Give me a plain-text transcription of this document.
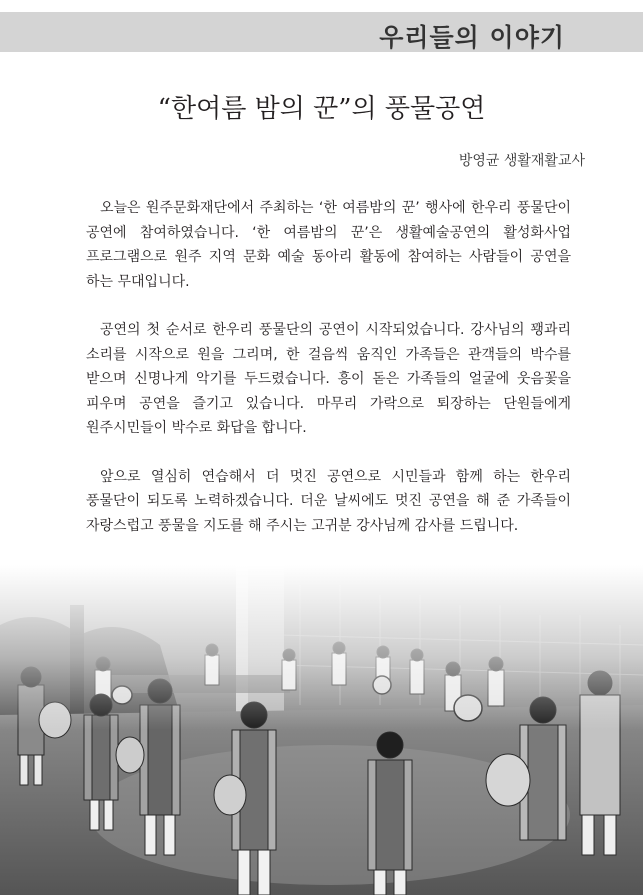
우리들의 이야기
“한여름 밤의 꾼”의 풍물공연
방영균 생활재활교사

오늘은 원주문화재단에서 주최하는 ‘한 여름밤의 꾼’ 행사에 한우리 풍물단이 공연에 참여하였습니다. ‘한 여름밤의 꾼’은 생활예술공연의 활성화사업 프로그램으로 원주 지역 문화 예술 동아리 활동에 참여하는 사람들이 공연을 하는 무대입니다.

공연의 첫 순서로 한우리 풍물단의 공연이 시작되었습니다. 강사님의 꽹과리 소리를 시작으로 원을 그리며, 한 걸음씩 움직인 가족들은 관객들의 박수를 받으며 신명나게 악기를 두드렸습니다. 흥이 돋은 가족들의 얼굴에 웃음꽃을 피우며 공연을 즐기고 있습니다. 마무리 가락으로 퇴장하는 단원들에게 원주시민들이 박수로 화답을 합니다.

앞으로 열심히 연습해서 더 멋진 공연으로 시민들과 함께 하는 한우리 풍물단이 되도록 노력하겠습니다. 더운 날씨에도 멋진 공연을 해 준 가족들이 자랑스럽고 풍물을 지도를 해 주시는 고귀분 강사님께 감사를 드립니다.
